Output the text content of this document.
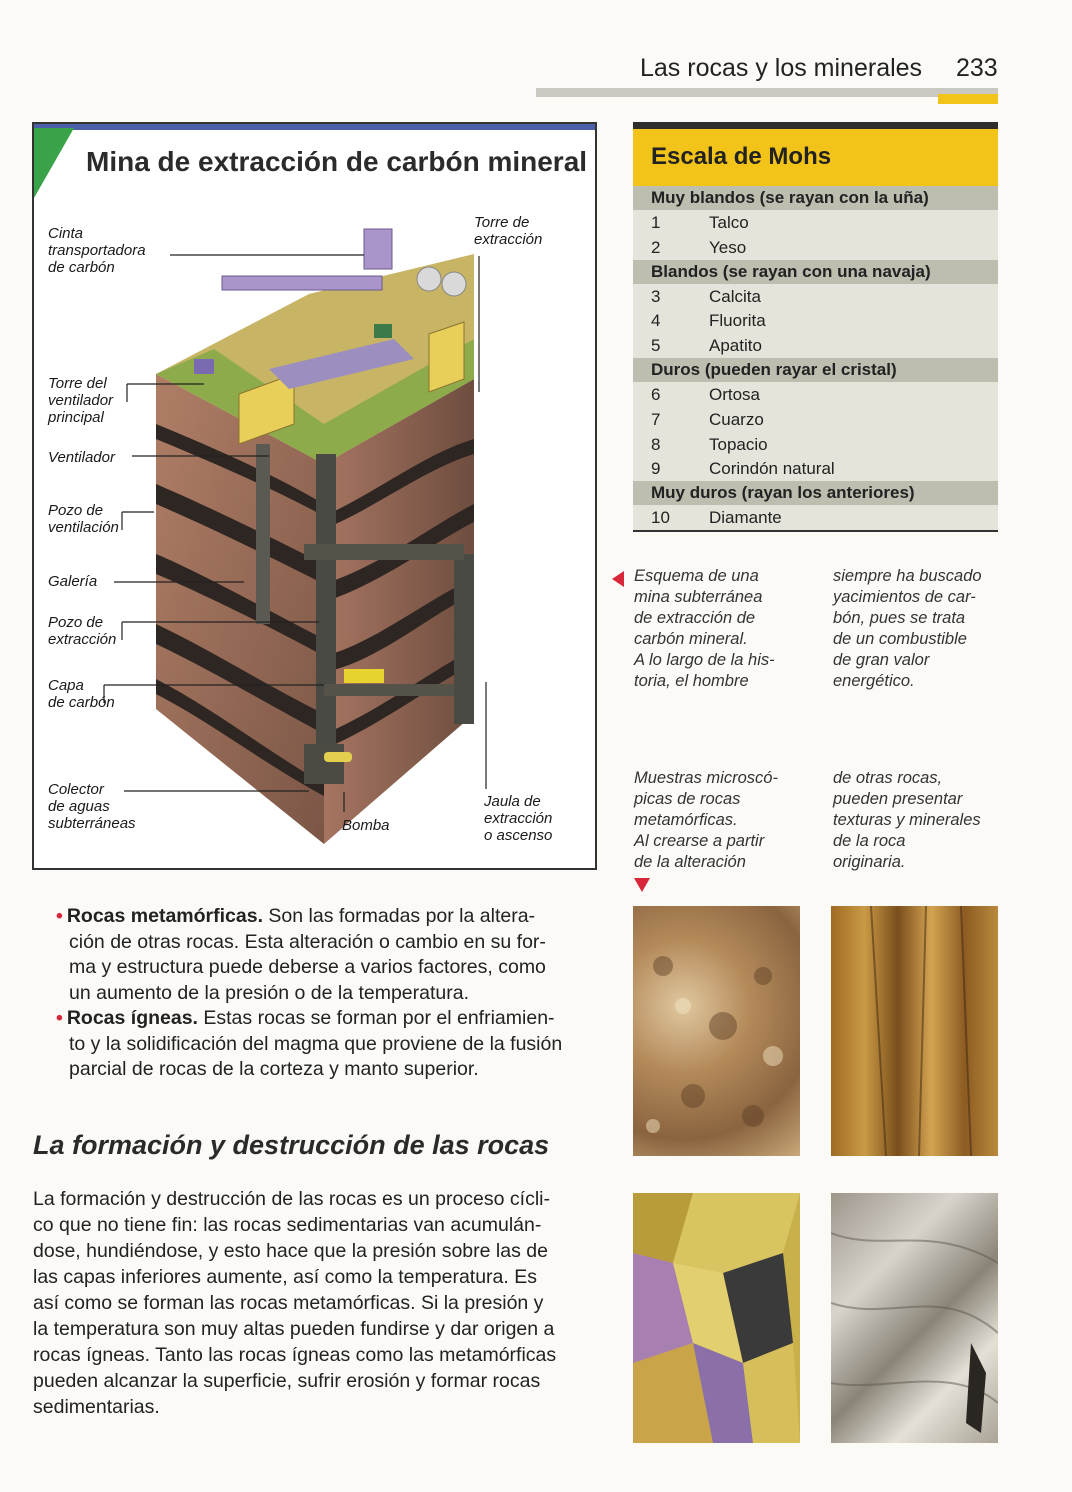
Las rocas y los minerales 233
Mina de extracción de carbón mineral
Cinta
transportadora
de carbón
Torre de
extracción
Torre del
ventilador
principal
Ventilador
Pozo de
ventilación
Galería
Pozo de
extracción
Capa
de carbón
Colector
de aguas
subterráneas	Bomba
Jaula de
extracción
o ascenso
Escala de Mohs
Muy blandos (se rayan con la uña)
1	Talco
2	Yeso
Blandos (se rayan con una navaja)
3	Calcita
4	Fluorita
5	Apatito
Duros (pueden rayar el cristal)
6	Ortosa
7	Cuarzo
8	Topacio
9	Corindón natural
Muy duros (rayan los anteriores)
10 Diamante
Esquema de una
mina subterránea
de extracción de
carbón mineral.
A lo largo de la his-
toria, el hombre
siempre ha buscado
yacimientos de car-
bón, pues se trata
de un combustible
de gran valor
energético.
Muestras microscó-
picas de rocas
metamórficas.
Al crearse a partir
de la alteración
de otras rocas,
pueden presentar
texturas y minerales
de la roca
originaria.
• Rocas metamórficas. Son las formadas por la altera-
ción de otras rocas. Esta alteración o cambio en su for-
ma y estructura puede deberse a varios factores, como
un aumento de la presión o de la temperatura.
• Rocas ígneas. Estas rocas se forman por el enfriamien-
to y la solidificación del magma que proviene de la fusión
parcial de rocas de la corteza y manto superior.
La formación y destrucción de las rocas
La formación y destrucción de las rocas es un proceso cícli-
co que no tiene fin: las rocas sedimentarias van acumulán-
dose, hundiéndose, y esto hace que la presión sobre las de
las capas inferiores aumente, así como la temperatura. Es
así como se forman las rocas metamórficas. Si la presión y
la temperatura son muy altas pueden fundirse y dar origen a
rocas ígneas. Tanto las rocas ígneas como las metamórficas
pueden alcanzar la superficie, sufrir erosión y formar rocas
sedimentarias.
